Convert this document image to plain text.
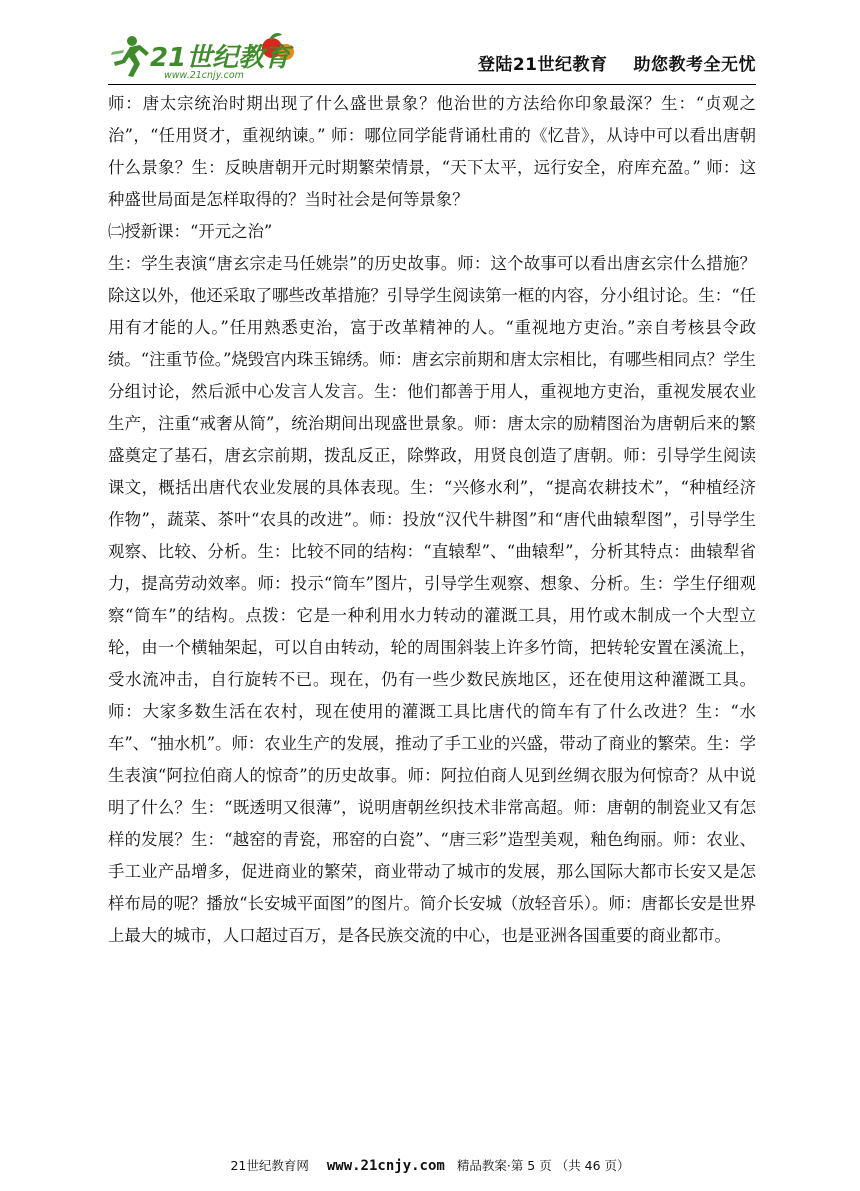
21世纪教育
www.21cnjy.com
登陆21世纪教育 助您教考全无忧

师：唐太宗统治时期出现了什么盛世景象？他治世的方法给你印象最深？生：“贞观之治”，“任用贤才，重视纳谏。” 师：哪位同学能背诵杜甫的《忆昔》，从诗中可以看出唐朝什么景象？生：反映唐朝开元时期繁荣情景，“天下太平，远行安全，府库充盈。” 师：这种盛世局面是怎样取得的？当时社会是何等景象？

㈡授新课：“开元之治”

生：学生表演“唐玄宗走马任姚崇”的历史故事。师：这个故事可以看出唐玄宗什么措施？除这以外，他还采取了哪些改革措施？引导学生阅读第一框的内容，分小组讨论。生：“任用有才能的人。”任用熟悉吏治，富于改革精神的人。“重视地方吏治。”亲自考核县令政绩。“注重节俭。”烧毁宫内珠玉锦绣。师：唐玄宗前期和唐太宗相比，有哪些相同点？学生分组讨论，然后派中心发言人发言。生：他们都善于用人，重视地方吏治，重视发展农业生产，注重“戒奢从简”，统治期间出现盛世景象。师：唐太宗的励精图治为唐朝后来的繁盛奠定了基石，唐玄宗前期，拨乱反正，除弊政，用贤良创造了唐朝。师：引导学生阅读课文，概括出唐代农业发展的具体表现。生：“兴修水利”，“提高农耕技术”，“种植经济作物”，蔬菜、茶叶“农具的改进”。师：投放“汉代牛耕图”和“唐代曲辕犁图”，引导学生观察、比较、分析。生：比较不同的结构：“直辕犁”、“曲辕犁”，分析其特点：曲辕犁省力，提高劳动效率。师：投示“筒车”图片，引导学生观察、想象、分析。生：学生仔细观察“筒车”的结构。点拨：它是一种利用水力转动的灌溉工具，用竹或木制成一个大型立轮，由一个横轴架起，可以自由转动，轮的周围斜装上许多竹筒，把转轮安置在溪流上，受水流冲击，自行旋转不已。现在，仍有一些少数民族地区，还在使用这种灌溉工具。师：大家多数生活在农村，现在使用的灌溉工具比唐代的筒车有了什么改进？生：“水车”、“抽水机”。师：农业生产的发展，推动了手工业的兴盛，带动了商业的繁荣。生：学生表演“阿拉伯商人的惊奇”的历史故事。师：阿拉伯商人见到丝绸衣服为何惊奇？从中说明了什么？生：“既透明又很薄”，说明唐朝丝织技术非常高超。师：唐朝的制瓷业又有怎样的发展？生：“越窑的青瓷，邢窑的白瓷”、“唐三彩”造型美观，釉色绚丽。师：农业、手工业产品增多，促进商业的繁荣，商业带动了城市的发展，那么国际大都市长安又是怎样布局的呢？播放“长安城平面图”的图片。简介长安城（放轻音乐）。师：唐都长安是世界上最大的城市，人口超过百万，是各民族交流的中心，也是亚洲各国重要的商业都市。

21世纪教育网 www.21cnjy.com 精品教案·第 5 页 （共 46 页）
